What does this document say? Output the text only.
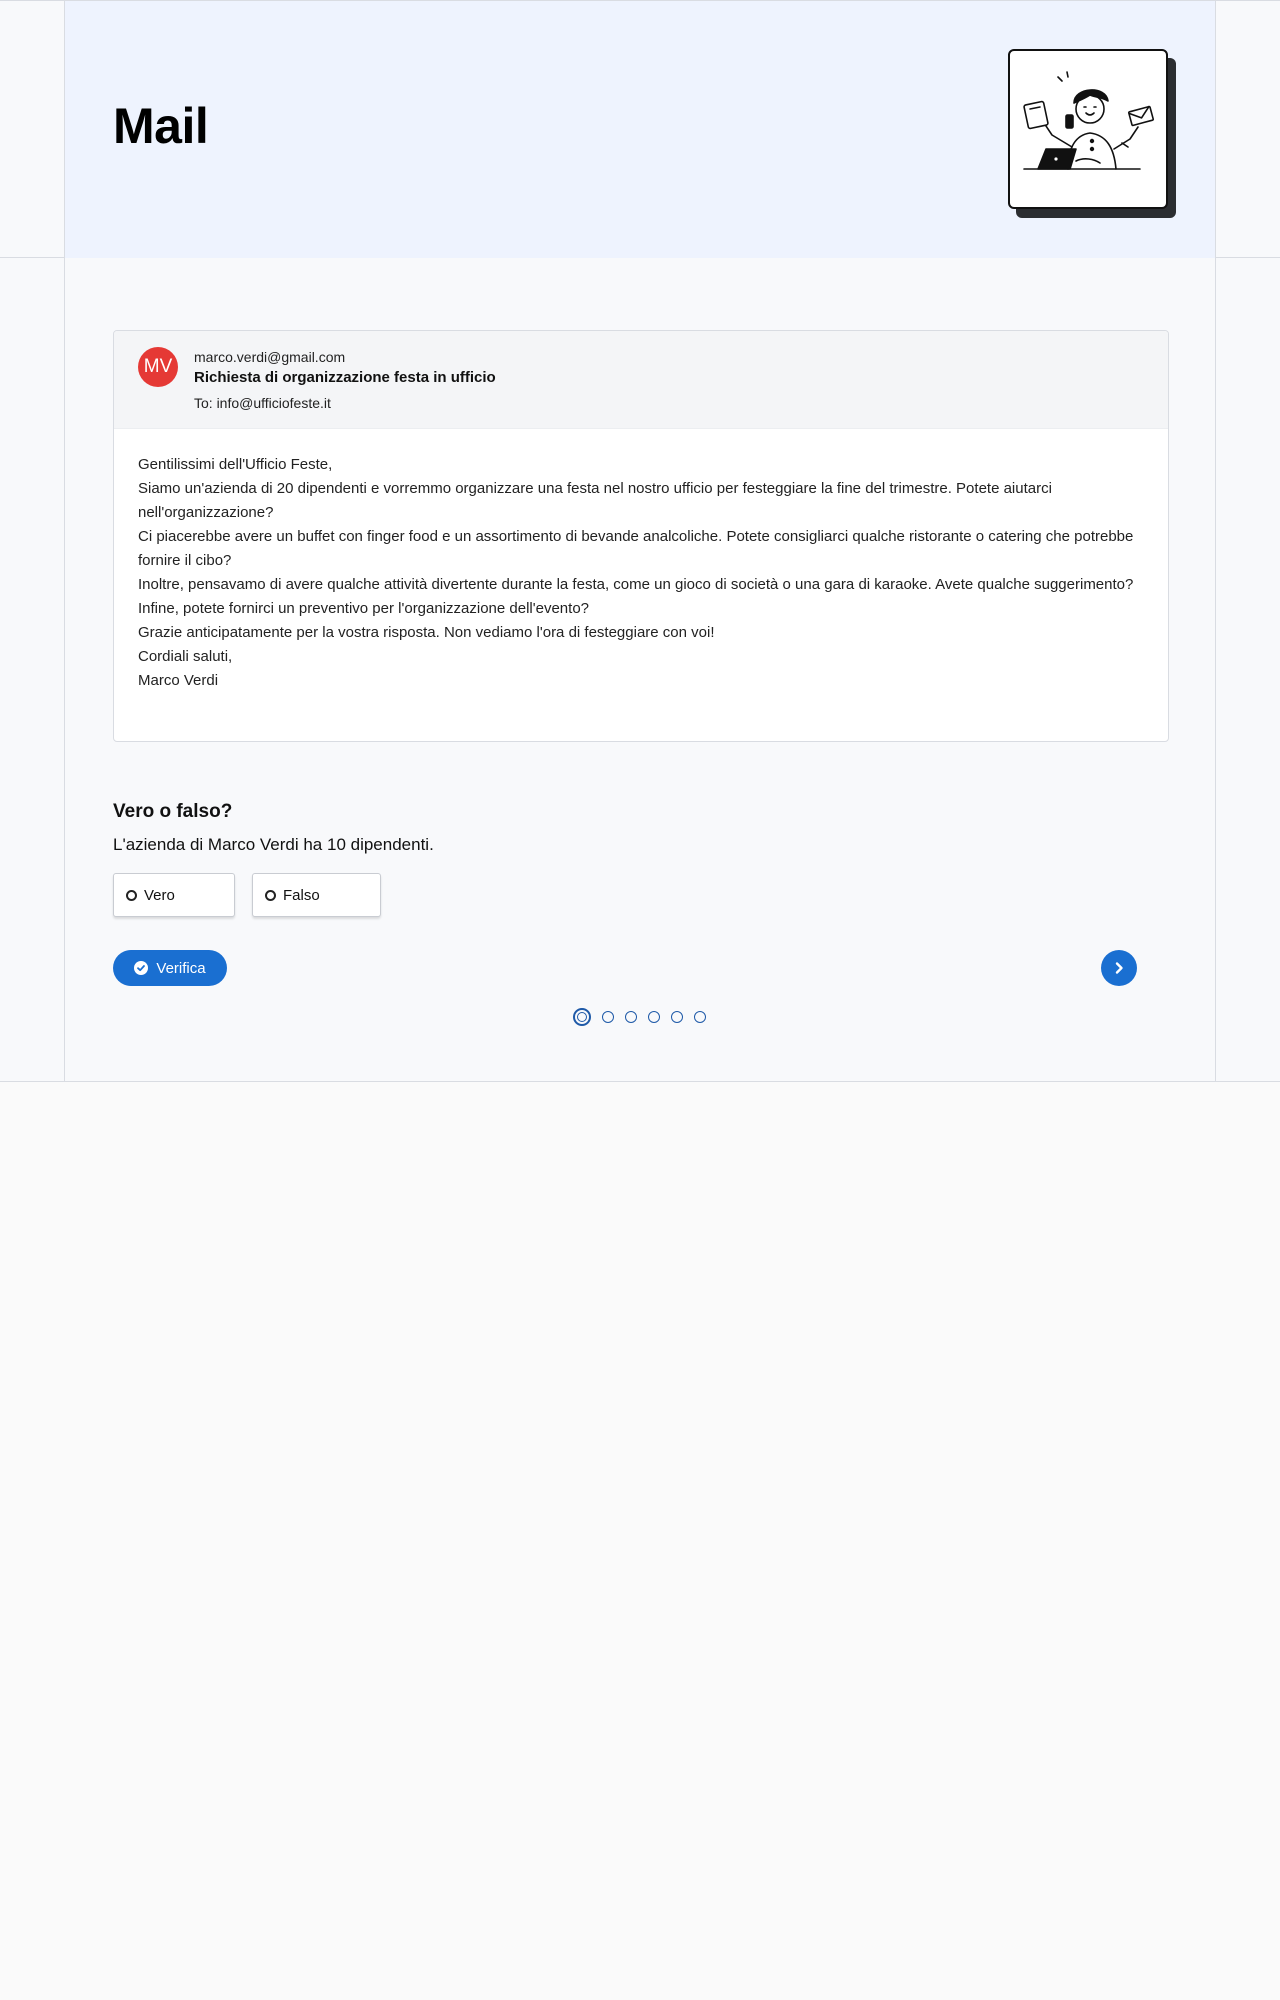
Mail
MV	marco.verdi@gmail.com
Richiesta di organizzazione festa in ufficio
To: info@ufficiofeste.it

Gentilissimi dell'Ufficio Feste,

Siamo un'azienda di 20 dipendenti e vorremmo organizzare una festa nel nostro ufficio per festeggiare la fine del trimestre. Potete aiutarci nell'organizzazione?

Ci piacerebbe avere un buffet con finger food e un assortimento di bevande analcoliche. Potete consigliarci qualche ristorante o catering che potrebbe fornire il cibo?

Inoltre, pensavamo di avere qualche attività divertente durante la festa, come un gioco di società o una gara di karaoke. Avete qualche suggerimento?

Infine, potete fornirci un preventivo per l'organizzazione dell'evento?

Grazie anticipatamente per la vostra risposta. Non vediamo l'ora di festeggiare con voi!

Cordiali saluti,

Marco Verdi

Vero o falso?
L'azienda di Marco Verdi ha 10 dipendenti.
Vero	Falso
Verifica
